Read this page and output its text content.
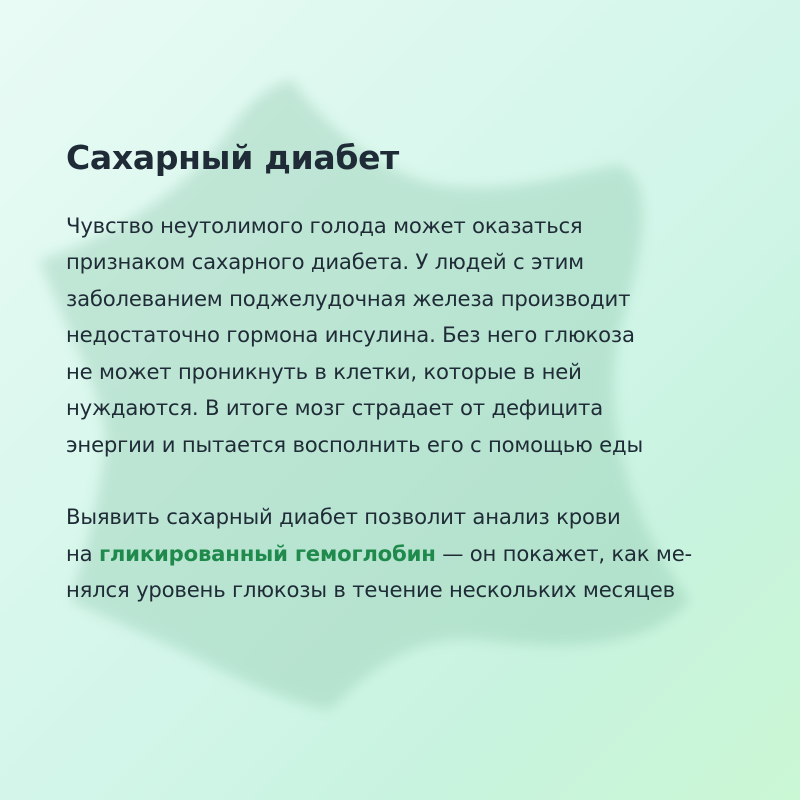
Сахарный диабет

Чувство неутолимого голода может оказаться
признаком сахарного диабета. У людей с этим
заболеванием поджелудочная железа производит
недостаточно гормона инсулина. Без него глюкоза
не может проникнуть в клетки, которые в ней
нуждаются. В итоге мозг страдает от дефицита
энергии и пытается восполнить его с помощью еды

Выявить сахарный диабет позволит анализ крови
на гликированный гемоглобин — он покажет, как ме-
нялся уровень глюкозы в течение нескольких месяцев
